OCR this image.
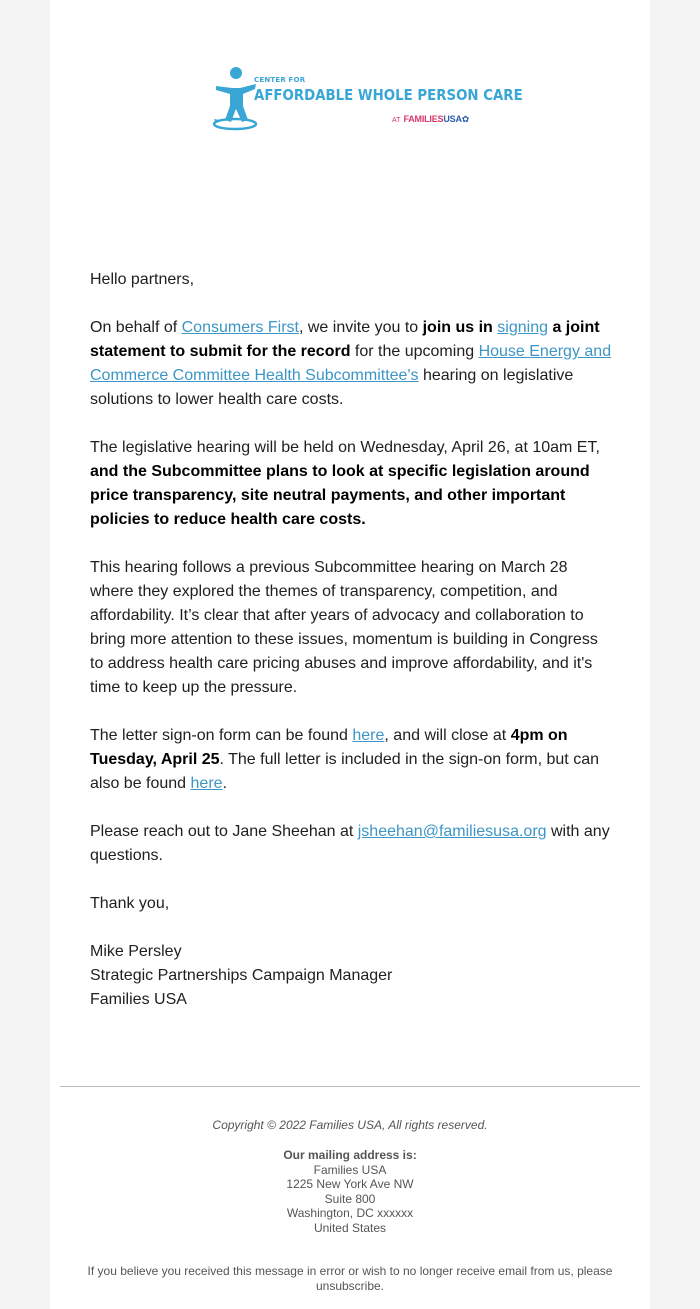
CENTER FOR
AFFORDABLE WHOLE PERSON CARE
AT FAMILIESUSA✿

Hello partners,

On behalf of Consumers First, we invite you to join us in signing a joint statement to submit for the record for the upcoming House Energy and Commerce Committee Health Subcommittee's hearing on legislative solutions to lower health care costs.

The legislative hearing will be held on Wednesday, April 26, at 10am ET, and the Subcommittee plans to look at specific legislation around price transparency, site neutral payments, and other important policies to reduce health care costs.

This hearing follows a previous Subcommittee hearing on March 28 where they explored the themes of transparency, competition, and affordability. It’s clear that after years of advocacy and collaboration to bring more attention to these issues, momentum is building in Congress to address health care pricing abuses and improve affordability, and it's time to keep up the pressure.

The letter sign-on form can be found here, and will close at 4pm on Tuesday, April 25. The full letter is included in the sign-on form, but can also be found here.

Please reach out to Jane Sheehan at jsheehan@familiesusa.org with any questions.

Thank you,

Mike Persley
Strategic Partnerships Campaign Manager
Families USA

Copyright © 2022 Families USA, All rights reserved.
Our mailing address is:
Families USA
1225 New York Ave NW
Suite 800
Washington, DC xxxxxx
United States
If you believe you received this message in error or wish to no longer receive email from us, please unsubscribe.
